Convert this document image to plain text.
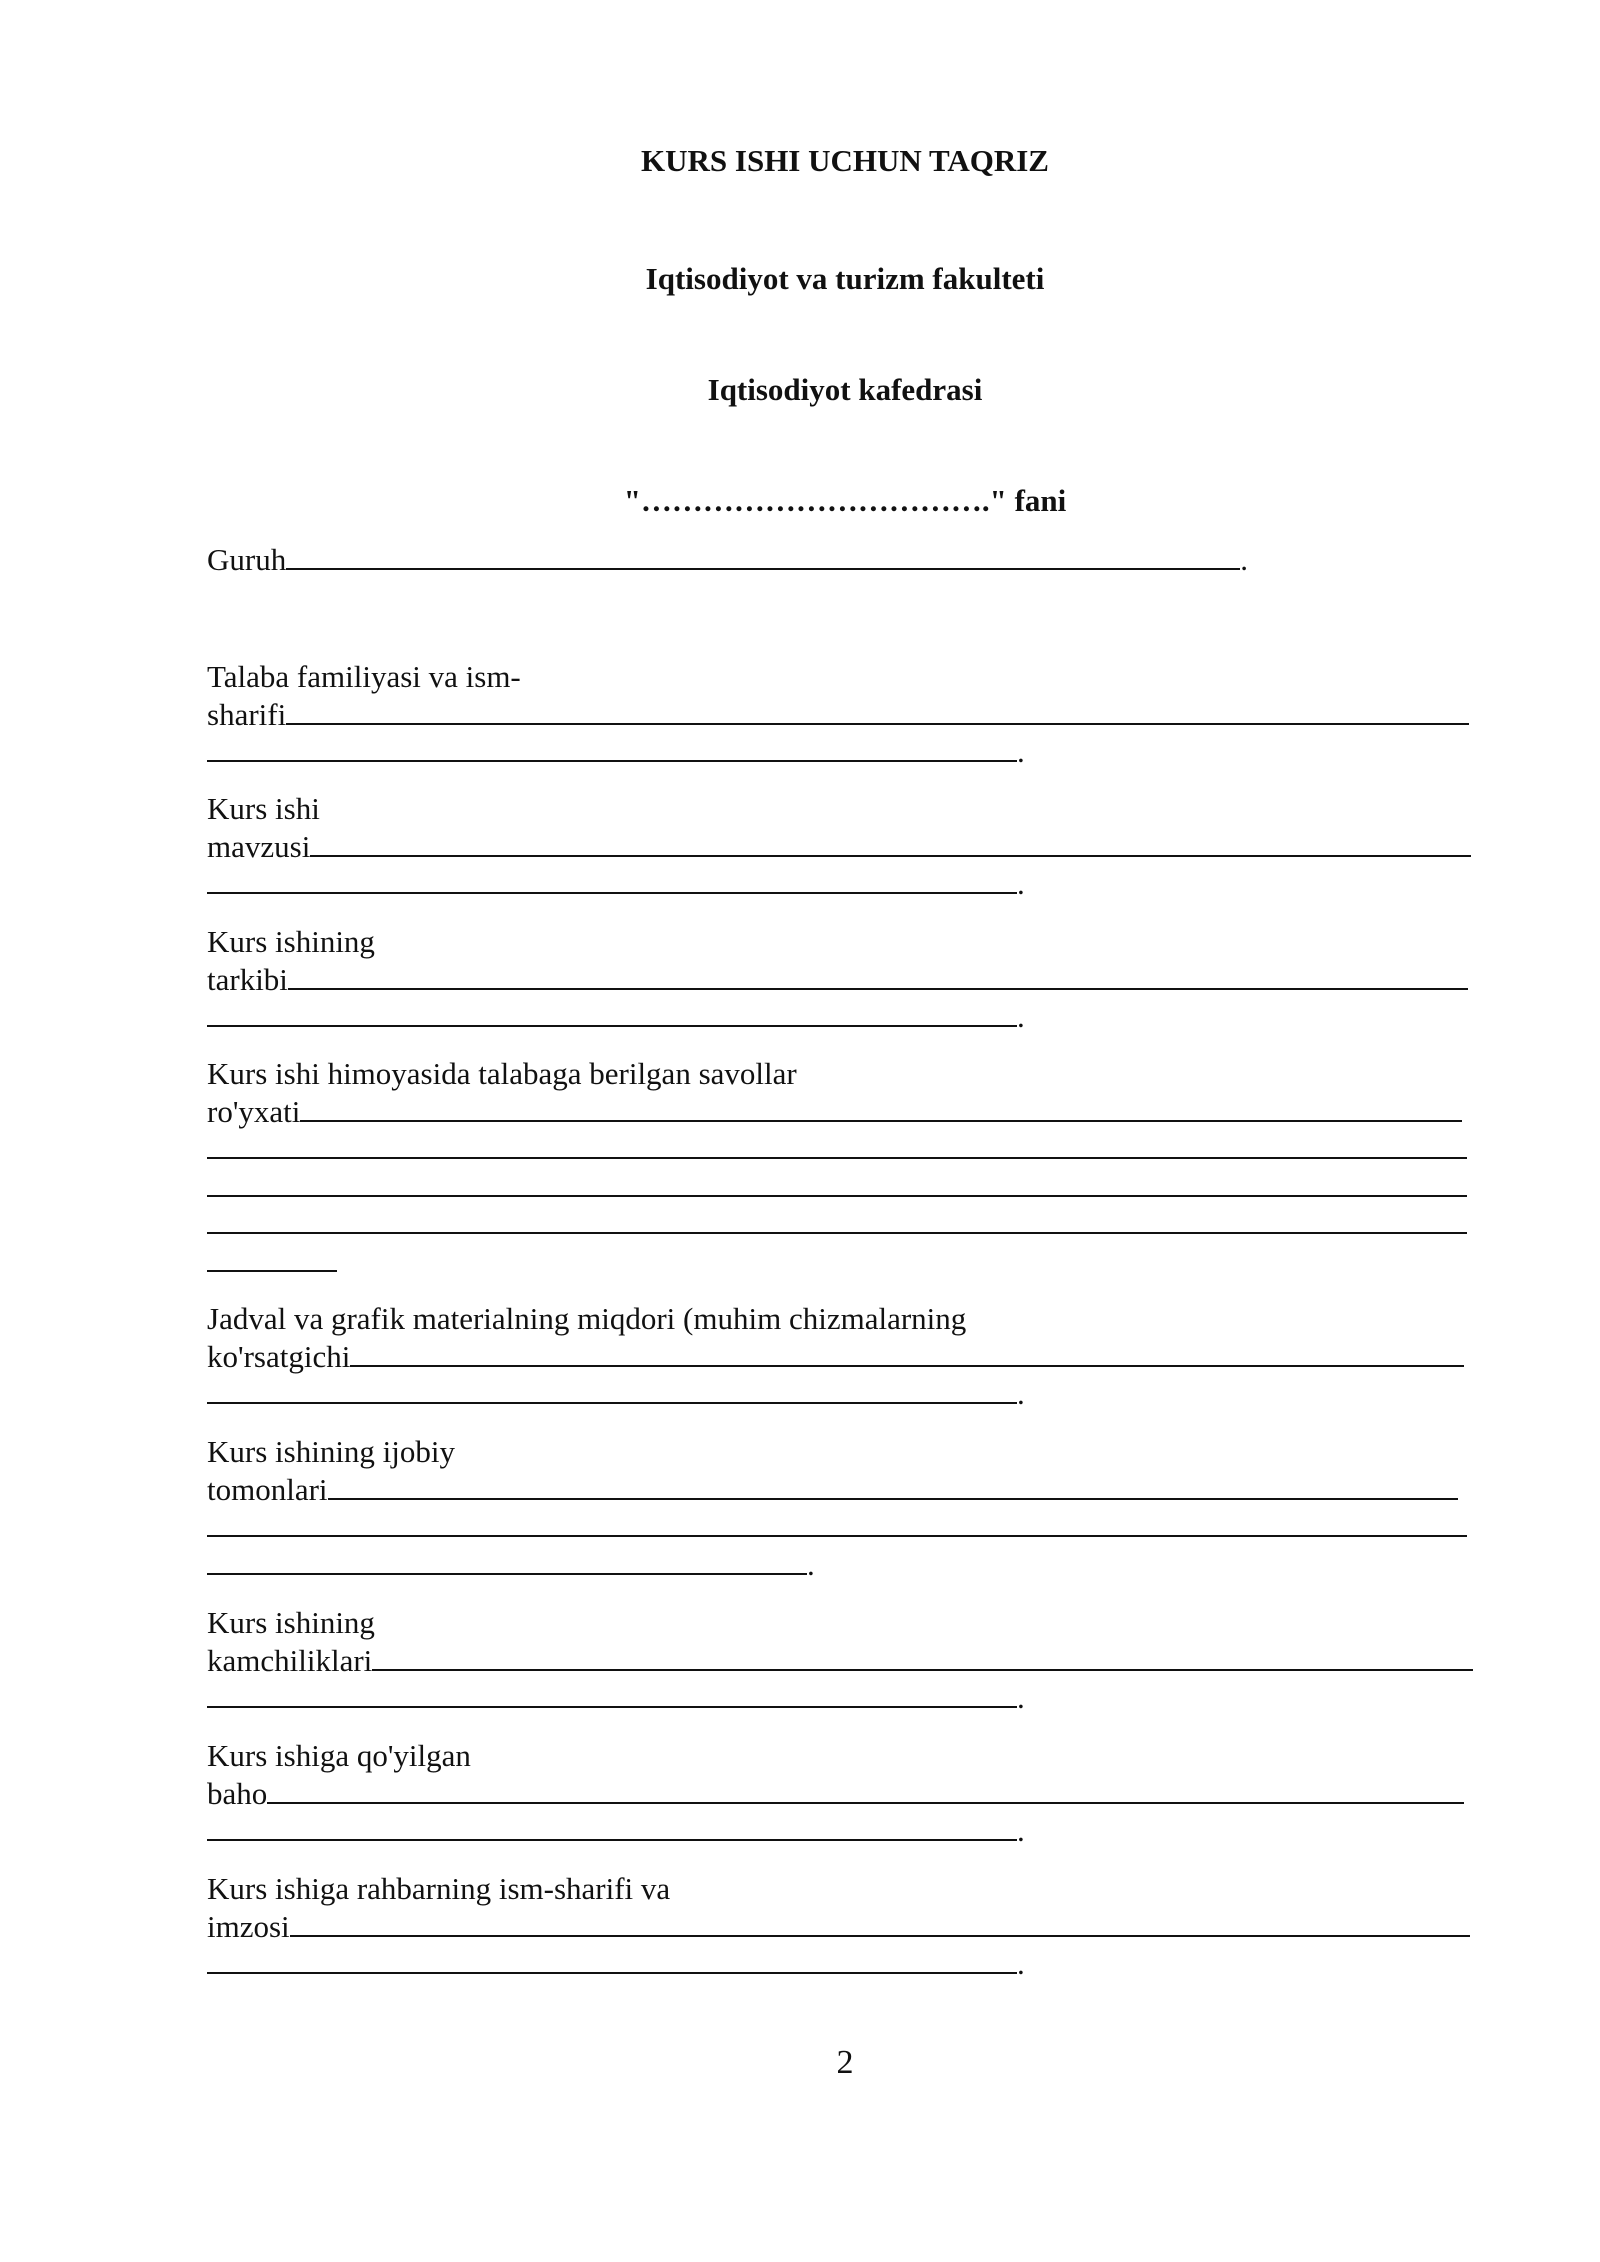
KURS ISHI UCHUN TAQRIZ
Iqtisodiyot va turizm fakulteti
Iqtisodiyot kafedrasi
"……………………………." fani
Guruh	.
Talaba familiyasi va ism-
sharifi
.
Kurs ishi
mavzusi
.
Kurs ishining
tarkibi
.
Kurs ishi himoyasida talabaga berilgan savollar
ro'yxati
Jadval va grafik materialning miqdori (muhim chizmalarning
ko'rsatgichi
.
Kurs ishining ijobiy
tomonlari
.
Kurs ishining
kamchiliklari
.
Kurs ishiga qo'yilgan
baho
.
Kurs ishiga rahbarning ism-sharifi va
imzosi
.
2
